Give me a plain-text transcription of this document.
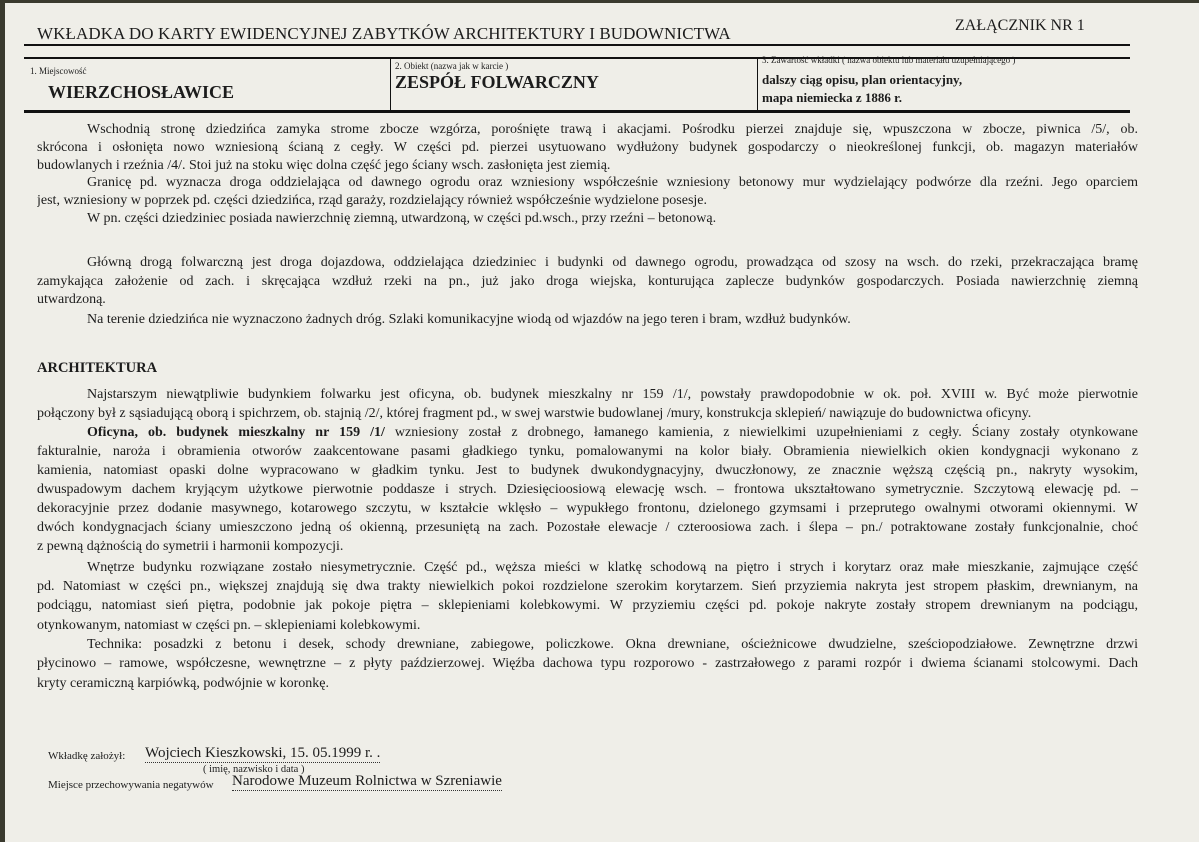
WKŁADKA DO KARTY EWIDENCYJNEJ ZABYTKÓW ARCHITEKTURY I BUDOWNICTWA	ZAŁĄCZNIK NR 1
1. Miejscowość
WIERZCHOSŁAWICE
2. Obiekt (nazwa jak w karcie )
ZESPÓŁ FOLWARCZNY
3. Zawartość wkładki ( nazwa obiektu lub materiału uzupełniającego )
dalszy ciąg opisu, plan orientacyjny,
mapa niemiecka z 1886 r.
Wschodnią stronę dziedzińca zamyka strome zbocze wzgórza, porośnięte trawą i akacjami. Pośrodku pierzei znajduje się, wpuszczona w zbocze, piwnica /5/, ob.
skrócona i osłonięta nowo wzniesioną ścianą z cegły. W części pd. pierzei usytuowano wydłużony budynek gospodarczy o nieokreślonej funkcji, ob. magazyn materiałów
budowlanych i rzeźnia /4/. Stoi już na stoku więc dolna część jego ściany wsch. zasłonięta jest ziemią.
Granicę pd. wyznacza droga oddzielająca od dawnego ogrodu oraz wzniesiony współcześnie wzniesiony betonowy mur wydzielający podwórze dla rzeźni. Jego oparciem
jest, wzniesiony w poprzek pd. części dziedzińca, rząd garaży, rozdzielający również współcześnie wydzielone posesje.
W pn. części dziedziniec posiada nawierzchnię ziemną, utwardzoną, w części pd.wsch., przy rzeźni – betonową.
Główną drogą folwarczną jest droga dojazdowa, oddzielająca dziedziniec i budynki od dawnego ogrodu, prowadząca od szosy na wsch. do rzeki, przekraczająca bramę
zamykająca założenie od zach. i skręcająca wzdłuż rzeki na pn., już jako droga wiejska, konturująca zaplecze budynków gospodarczych. Posiada nawierzchnię ziemną
utwardzoną.
Na terenie dziedzińca nie wyznaczono żadnych dróg. Szlaki komunikacyjne wiodą od wjazdów na jego teren i bram, wzdłuż budynków.
ARCHITEKTURA
Najstarszym niewątpliwie budynkiem folwarku jest oficyna, ob. budynek mieszkalny nr 159 /1/, powstały prawdopodobnie w ok. poł. XVIII w. Być może pierwotnie
połączony był z sąsiadującą oborą i spichrzem, ob. stajnią /2/, której fragment pd., w swej warstwie budowlanej /mury, konstrukcja sklepień/ nawiązuje do budownictwa oficyny.
Oficyna, ob. budynek mieszkalny nr 159 /1/ wzniesiony został z drobnego, łamanego kamienia, z niewielkimi uzupełnieniami z cegły. Ściany zostały otynkowane
fakturalnie, naroża i obramienia otworów zaakcentowane pasami gładkiego tynku, pomalowanymi na kolor biały. Obramienia niewielkich okien kondygnacji wykonano z
kamienia, natomiast opaski dolne wypracowano w gładkim tynku. Jest to budynek dwukondygnacyjny, dwuczłonowy, ze znacznie węższą częścią pn., nakryty wysokim,
dwuspadowym dachem kryjącym użytkowe pierwotnie poddasze i strych. Dziesięcioosiową elewację wsch. – frontowa ukształtowano symetrycznie. Szczytową elewację pd. –
dekoracyjnie przez dodanie masywnego, kotarowego szczytu, w kształcie wklęsło – wypukłego frontonu, dzielonego gzymsami i przeprutego owalnymi otworami okiennymi. W
dwóch kondygnacjach ściany umieszczono jedną oś okienną, przesuniętą na zach. Pozostałe elewacje / czteroosiowa zach. i ślepa – pn./ potraktowane zostały funkcjonalnie, choć
z pewną dążnością do symetrii i harmonii kompozycji.
Wnętrze budynku rozwiązane zostało niesymetrycznie. Część pd., węższa mieści w klatkę schodową na piętro i strych i korytarz oraz małe mieszkanie, zajmujące część
pd. Natomiast w części pn., większej znajdują się dwa trakty niewielkich pokoi rozdzielone szerokim korytarzem. Sień przyziemia nakryta jest stropem płaskim, drewnianym, na
podciągu, natomiast sień piętra, podobnie jak pokoje piętra – sklepieniami kolebkowymi. W przyziemiu części pd. pokoje nakryte zostały stropem drewnianym na podciągu,
otynkowanym, natomiast w części pn. – sklepieniami kolebkowymi.
Technika: posadzki z betonu i desek, schody drewniane, zabiegowe, policzkowe. Okna drewniane, ościeżnicowe dwudzielne, sześciopodziałowe. Zewnętrzne drzwi
płycinowo – ramowe, współczesne, wewnętrzne – z płyty paździerzowej. Więźba dachowa typu rozporowo - zastrzałowego z parami rozpór i dwiema ścianami stolcowymi. Dach
kryty ceramiczną karpiówką, podwójnie w koronkę.
Wkładkę założył: Wojciech Kieszkowski, 15. 05.1999 r. .
( imię, nazwisko i data )
Miejsce przechowywania negatywów Narodowe Muzeum Rolnictwa w Szreniawie
